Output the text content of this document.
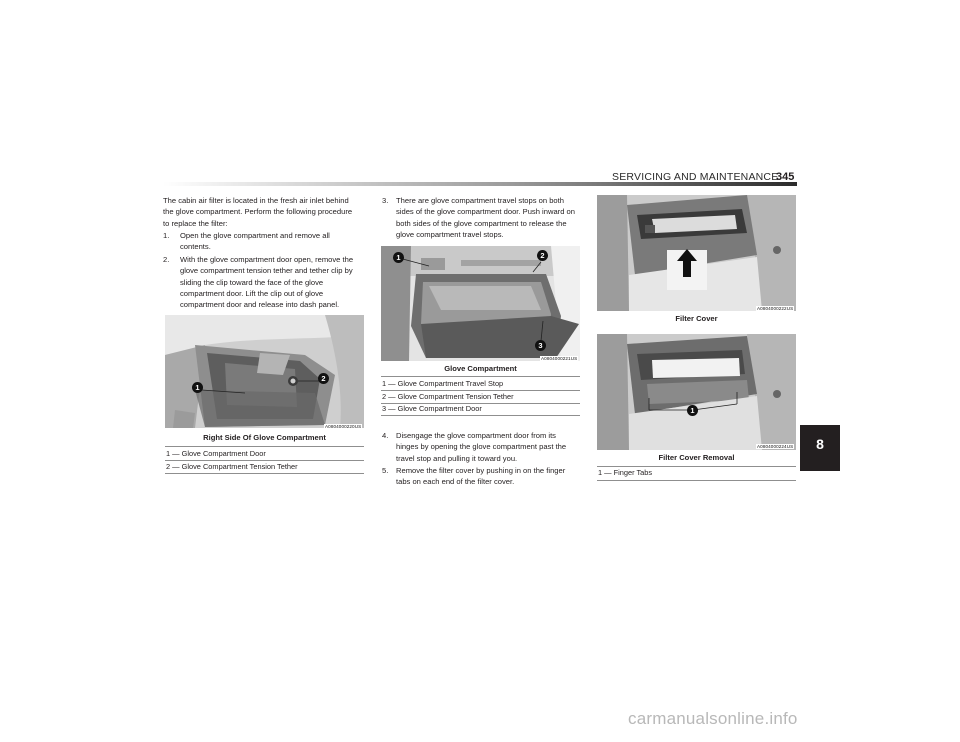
SERVICING AND MAINTENANCE
345
8
The cabin air filter is located in the fresh air inlet behind
the glove compartment. Perform the following procedure
to replace the filter:
1.	Open the glove compartment and remove all
contents.
2.	With the glove compartment door open, remove the
glove compartment tension tether and tether clip by
sliding the clip toward the face of the glove
compartment door. Lift the clip out of glove
compartment door and release into dash panel.
1
2
A0804000220US
Right Side Of Glove Compartment
1 — Glove Compartment Door
2 — Glove Compartment Tension Tether
3.	There are glove compartment travel stops on both
sides of the glove compartment door. Push inward on
both sides of the glove compartment to release the
glove compartment travel stops.
1	2
3
A0804000221US
Glove Compartment
1 — Glove Compartment Travel Stop
2 — Glove Compartment Tension Tether
3 — Glove Compartment Door
4.	Disengage the glove compartment door from its
hinges by opening the glove compartment past the
travel stop and pulling it toward you.
5.	Remove the filter cover by pushing in on the finger
tabs on each end of the filter cover.
A0804000222US
Filter Cover
1
A0804000224US
Filter Cover Removal
1 — Finger Tabs
carmanualsonline.info
